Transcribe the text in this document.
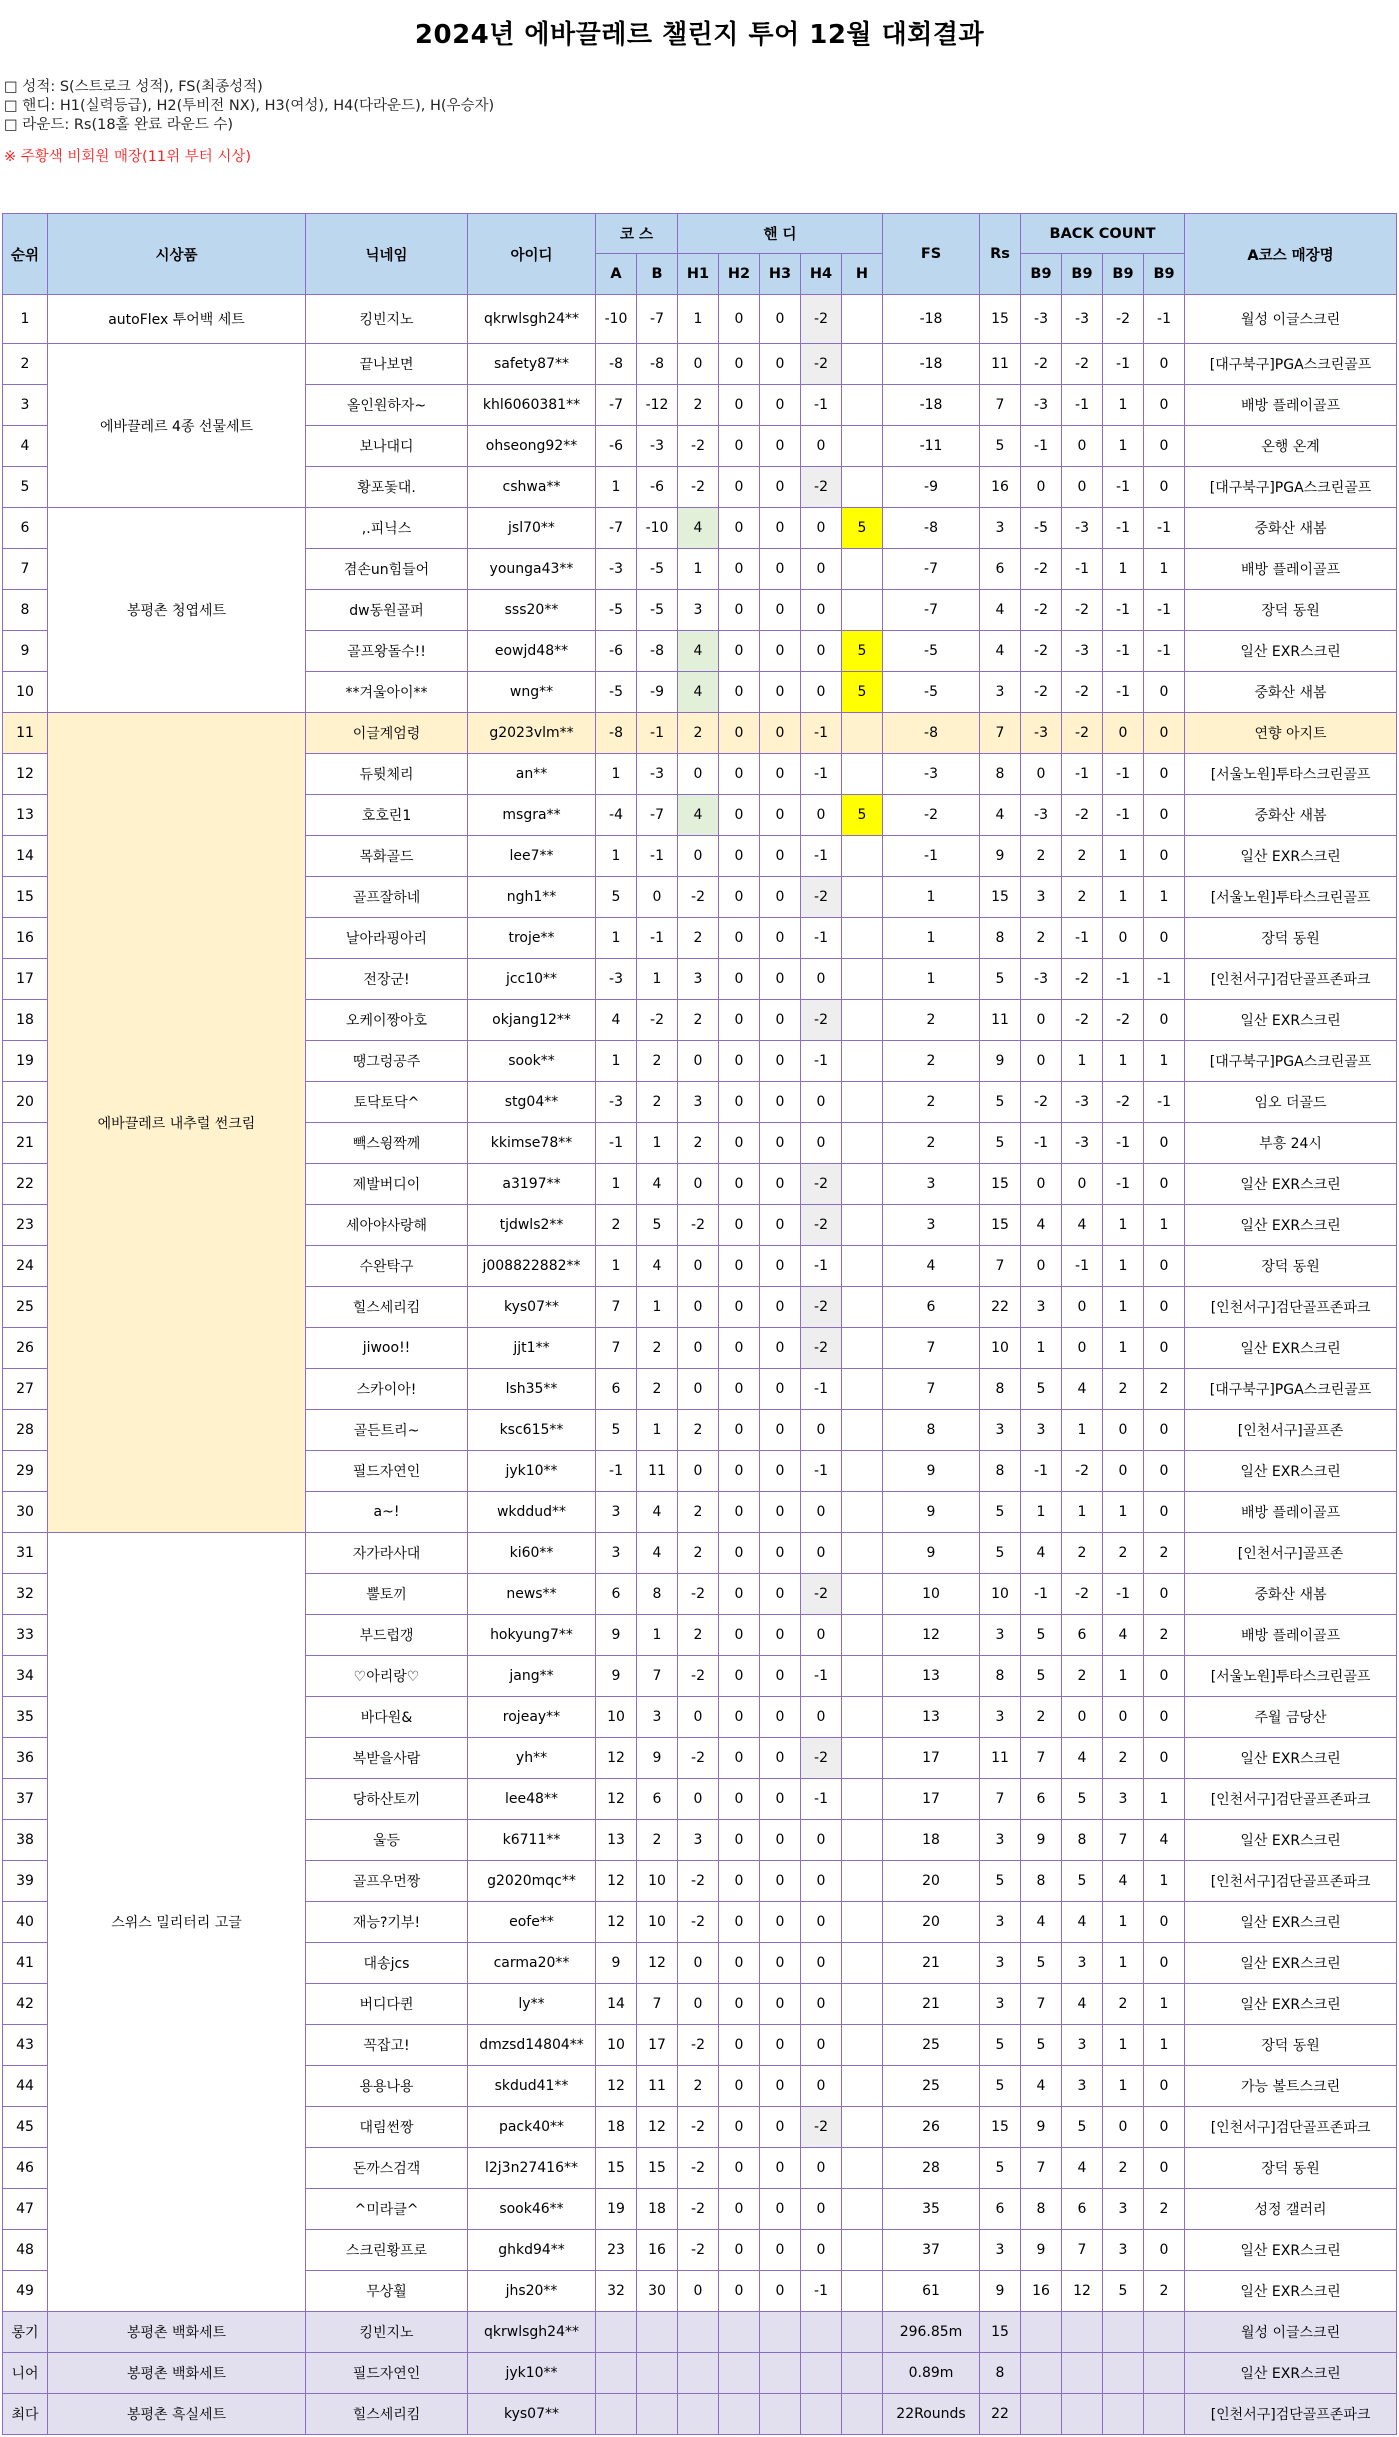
2024년 에바끌레르 챌린지 투어 12월 대회결과
□ 성적: S(스트로크 성적), FS(최종성적)
□ 핸디: H1(실력등급), H2(투비전 NX), H3(여성), H4(다라운드), H(우승자)
□ 라운드: Rs(18홀 완료 라운드 수)
※ 주황색 비회원 매장(11위 부터 시상)
순위	시상품	닉네임	아이디	코 스		핸 디					FS	Rs	BACK COUNT				A코스 매장명
				A	B	H1	H2	H3	H4	H			B9	B9	B9	B9	
1	autoFlex 투어백 세트	킹빈지노	qkrwlsgh24**	-10	-7	1	0	0	-2		-18	15	-3	-3	-2	-1	월성 이글스크린
2	에바끌레르 4종 선물세트	끝나보면	safety87**	-8	-8	0	0	0	-2		-18	11	-2	-2	-1	0	[대구북구]PGA스크린골프
3		올인원하자~	khl6060381**	-7	-12	2	0	0	-1		-18	7	-3	-1	1	0	배방 플레이골프
4		보나대디	ohseong92**	-6	-3	-2	0	0	0		-11	5	-1	0	1	0	온행 온계
5		황포돛대.	cshwa**	1	-6	-2	0	0	-2		-9	16	0	0	-1	0	[대구북구]PGA스크린골프
6	봉평촌 청엽세트	,.피닉스	jsl70**	-7	-10	4	0	0	0	5	-8	3	-5	-3	-1	-1	중화산 새봄
7		겸손un힘들어	younga43**	-3	-5	1	0	0	0		-7	6	-2	-1	1	1	배방 플레이골프
8		dw동원골퍼	sss20**	-5	-5	3	0	0	0		-7	4	-2	-2	-1	-1	장덕 동원
9		골프왕돌수!!	eowjd48**	-6	-8	4	0	0	0	5	-5	4	-2	-3	-1	-1	일산 EXR스크린
10		**겨울아이**	wng**	-5	-9	4	0	0	0	5	-5	3	-2	-2	-1	0	중화산 새봄
11	에바끌레르 내추럴 썬크림	이글계엄령	g2023vlm**	-8	-1	2	0	0	-1		-8	7	-3	-2	0	0	연향 아지트
12		듀륏체리	an**	1	-3	0	0	0	-1		-3	8	0	-1	-1	0	[서울노원]투타스크린골프
13		호호린1	msgra**	-4	-7	4	0	0	0	5	-2	4	-3	-2	-1	0	중화산 새봄
14		목화골드	lee7**	1	-1	0	0	0	-1		-1	9	2	2	1	0	일산 EXR스크린
15		골프잘하네	ngh1**	5	0	-2	0	0	-2		1	15	3	2	1	1	[서울노원]투타스크린골프
16		날아라핑아리	troje**	1	-1	2	0	0	-1		1	8	2	-1	0	0	장덕 동원
17		전장군!	jcc10**	-3	1	3	0	0	0		1	5	-3	-2	-1	-1	[인천서구]검단골프존파크
18		오케이짱아호	okjang12**	4	-2	2	0	0	-2		2	11	0	-2	-2	0	일산 EXR스크린
19		땡그렁공주	sook**	1	2	0	0	0	-1		2	9	0	1	1	1	[대구북구]PGA스크린골프
20		토닥토닥^	stg04**	-3	2	3	0	0	0		2	5	-2	-3	-2	-1	임오 더골드
21		빽스윙짝께	kkimse78**	-1	1	2	0	0	0		2	5	-1	-3	-1	0	부흥 24시
22		제발버디이	a3197**	1	4	0	0	0	-2		3	15	0	0	-1	0	일산 EXR스크린
23		세아야사랑해	tjdwls2**	2	5	-2	0	0	-2		3	15	4	4	1	1	일산 EXR스크린
24		수완탁구	j008822882**	1	4	0	0	0	-1		4	7	0	-1	1	0	장덕 동원
25		힐스세리킴	kys07**	7	1	0	0	0	-2		6	22	3	0	1	0	[인천서구]검단골프존파크
26		jiwoo!!	jjt1**	7	2	0	0	0	-2		7	10	1	0	1	0	일산 EXR스크린
27		스카이아!	lsh35**	6	2	0	0	0	-1		7	8	5	4	2	2	[대구북구]PGA스크린골프
28		골든트리~	ksc615**	5	1	2	0	0	0		8	3	3	1	0	0	[인천서구]골프존
29		필드자연인	jyk10**	-1	11	0	0	0	-1		9	8	-1	-2	0	0	일산 EXR스크린
30		a~!	wkddud**	3	4	2	0	0	0		9	5	1	1	1	0	배방 플레이골프
31	스위스 밀리터리 고글	자가라사대	ki60**	3	4	2	0	0	0		9	5	4	2	2	2	[인천서구]골프존
32		뿔토끼	news**	6	8	-2	0	0	-2		10	10	-1	-2	-1	0	중화산 새봄
33		부드럽갱	hokyung7**	9	1	2	0	0	0		12	3	5	6	4	2	배방 플레이골프
34		♡아리랑♡	jang**	9	7	-2	0	0	-1		13	8	5	2	1	0	[서울노원]투타스크린골프
35		바다원&	rojeay**	10	3	0	0	0	0		13	3	2	0	0	0	주월 금당산
36		복받을사람	yh**	12	9	-2	0	0	-2		17	11	7	4	2	0	일산 EXR스크린
37		당하산토끼	lee48**	12	6	0	0	0	-1		17	7	6	5	3	1	[인천서구]검단골프존파크
38		울등	k6711**	13	2	3	0	0	0		18	3	9	8	7	4	일산 EXR스크린
39		골프우먼짱	g2020mqc**	12	10	-2	0	0	0		20	5	8	5	4	1	[인천서구]검단골프존파크
40		재능?기부!	eofe**	12	10	-2	0	0	0		20	3	4	4	1	0	일산 EXR스크린
41		대송jcs	carma20**	9	12	0	0	0	0		21	3	5	3	1	0	일산 EXR스크린
42		버디다퀸	ly**	14	7	0	0	0	0		21	3	7	4	2	1	일산 EXR스크린
43		꼭잡고!	dmzsd14804**	10	17	-2	0	0	0		25	5	5	3	1	1	장덕 동원
44		용용나용	skdud41**	12	11	2	0	0	0		25	5	4	3	1	0	가능 볼트스크린
45		대림썬짱	pack40**	18	12	-2	0	0	-2		26	15	9	5	0	0	[인천서구]검단골프존파크
46		돈까스검객	l2j3n27416**	15	15	-2	0	0	0		28	5	7	4	2	0	장덕 동원
47		^미라클^	sook46**	19	18	-2	0	0	0		35	6	8	6	3	2	성정 갤러리
48		스크린황프로	ghkd94**	23	16	-2	0	0	0		37	3	9	7	3	0	일산 EXR스크린
49		무상훨	jhs20**	32	30	0	0	0	-1		61	9	16	12	5	2	일산 EXR스크린
롱기	봉평촌 백화세트	킹빈지노	qkrwlsgh24**								296.85m	15					월성 이글스크린
니어	봉평촌 백화세트	필드자연인	jyk10**								0.89m	8					일산 EXR스크린
최다	봉평촌 흑실세트	힐스세리킴	kys07**								22Rounds	22					[인천서구]검단골프존파크
